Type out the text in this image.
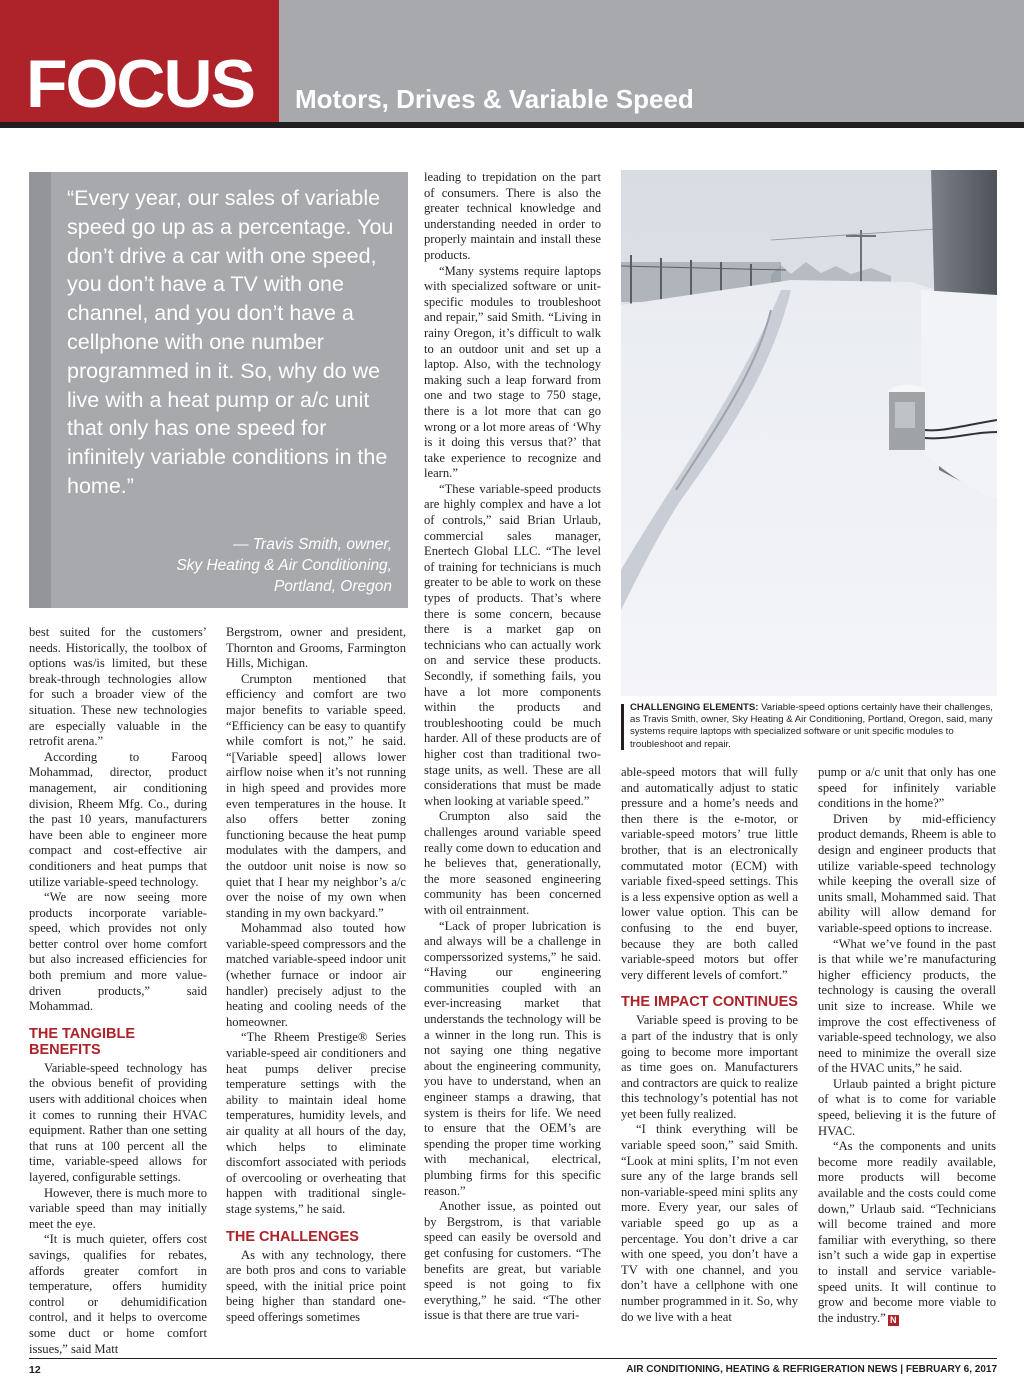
FOCUS Motors, Drives & Variable Speed
“Every year, our sales of variable speed go up as a percentage. You don’t drive a car with one speed, you don’t have a TV with one channel, and you don’t have a cellphone with one number programmed in it. So, why do we live with a heat pump or a/c unit that only has one speed for infinitely variable conditions in the home.”
— Travis Smith, owner,
Sky Heating & Air Conditioning,
Portland, Oregon

best suited for the customers’ needs. Historically, the toolbox of options was/is limited, but these break-through technologies allow for such a broader view of the situation. These new technologies are especially valuable in the retrofit arena.”

According to Farooq Mohammad, director, product management, air conditioning division, Rheem Mfg. Co., during the past 10 years, manufacturers have been able to engineer more compact and cost-effective air conditioners and heat pumps that utilize variable-speed technology.

“We are now seeing more products incorporate variable-speed, which provides not only better control over home comfort but also increased efficiencies for both premium and more value-driven products,” said Mohammad.

THE TANGIBLE BENEFITS

Variable-speed technology has the obvious benefit of providing users with additional choices when it comes to running their HVAC equipment. Rather than one setting that runs at 100 percent all the time, variable-speed allows for layered, configurable settings.

However, there is much more to variable speed than may initially meet the eye.

“It is much quieter, offers cost savings, qualifies for rebates, affords greater comfort in temperature, offers humidity control or dehumidification control, and it helps to overcome some duct or home comfort issues,” said Matt

Bergstrom, owner and president, Thornton and Grooms, Farmington Hills, Michigan.

Crumpton mentioned that efficiency and comfort are two major benefits to variable speed. “Efficiency can be easy to quantify while comfort is not,” he said. “[Variable speed] allows lower airflow noise when it’s not running in high speed and provides more even temperatures in the house. It also offers better zoning functioning because the heat pump modulates with the dampers, and the outdoor unit noise is now so quiet that I hear my neighbor’s a/c over the noise of my own when standing in my own backyard.”

Mohammad also touted how variable-speed compressors and the matched variable-speed indoor unit (whether furnace or indoor air handler) precisely adjust to the heating and cooling needs of the homeowner.

“The Rheem Prestige® Series variable-speed air conditioners and heat pumps deliver precise temperature settings with the ability to maintain ideal home temperatures, humidity levels, and air quality at all hours of the day, which helps to eliminate discomfort associated with periods of overcooling or overheating that happen with traditional single-stage systems,” he said.

THE CHALLENGES

As with any technology, there are both pros and cons to variable speed, with the initial price point being higher than standard one-speed offerings sometimes

leading to trepidation on the part of consumers. There is also the greater technical knowledge and understanding needed in order to properly maintain and install these products.

“Many systems require laptops with specialized software or unit-specific modules to troubleshoot and repair,” said Smith. “Living in rainy Oregon, it’s difficult to walk to an outdoor unit and set up a laptop. Also, with the technology making such a leap forward from one and two stage to 750 stage, there is a lot more that can go wrong or a lot more areas of ‘Why is it doing this versus that?’ that take experience to recognize and learn.”

“These variable-speed products are highly complex and have a lot of controls,” said Brian Urlaub, commercial sales manager, Enertech Global LLC. “The level of training for technicians is much greater to be able to work on these types of products. That’s where there is some concern, because there is a market gap on technicians who can actually work on and service these products. Secondly, if something fails, you have a lot more components within the products and troubleshooting could be much harder. All of these products are of higher cost than traditional two-stage units, as well. These are all considerations that must be made when looking at variable speed.”

Crumpton also said the challenges around variable speed really come down to education and he believes that, generationally, the more seasoned engineering community has been concerned with oil entrainment.

“Lack of proper lubrication is and always will be a challenge in comperssorized systems,” he said. “Having our engineering communities coupled with an ever-increasing market that understands the technology will be a winner in the long run. This is not saying one thing negative about the engineering community, you have to understand, when an engineer stamps a drawing, that system is theirs for life. We need to ensure that the OEM’s are spending the proper time working with mechanical, electrical, plumbing firms for this specific reason.”

Another issue, as pointed out by Bergstrom, is that variable speed can easily be oversold and get confusing for customers. “The benefits are great, but variable speed is not going to fix everything,” he said. “The other issue is that there are true vari-

CHALLENGING ELEMENTS: Variable-speed options certainly have their challenges, as Travis Smith, owner, Sky Heating & Air Conditioning, Portland, Oregon, said, many systems require laptops with specialized software or unit specific modules to troubleshoot and repair.

able-speed motors that will fully and automatically adjust to static pressure and a home’s needs and then there is the e-motor, or variable-speed motors’ true little brother, that is an electronically commutated motor (ECM) with variable fixed-speed settings. This is a less expensive option as well a lower value option. This can be confusing to the end buyer, because they are both called variable-speed motors but offer very different levels of comfort.”

THE IMPACT CONTINUES

Variable speed is proving to be a part of the industry that is only going to become more important as time goes on. Manufacturers and contractors are quick to realize this technology’s potential has not yet been fully realized.

“I think everything will be variable speed soon,” said Smith. “Look at mini splits, I’m not even sure any of the large brands sell non-variable-speed mini splits any more. Every year, our sales of variable speed go up as a percentage. You don’t drive a car with one speed, you don’t have a TV with one channel, and you don’t have a cellphone with one number programmed in it. So, why do we live with a heat

pump or a/c unit that only has one speed for infinitely variable conditions in the home?”

Driven by mid-efficiency product demands, Rheem is able to design and engineer products that utilize variable-speed technology while keeping the overall size of units small, Mohammed said. That ability will allow demand for variable-speed options to increase.

“What we’ve found in the past is that while we’re manufacturing higher efficiency products, the technology is causing the overall unit size to increase. While we improve the cost effectiveness of variable-speed technology, we also need to minimize the overall size of the HVAC units,” he said.

Urlaub painted a bright picture of what is to come for variable speed, believing it is the future of HVAC.

“As the components and units become more readily available, more products will become available and the costs could come down,” Urlaub said. “Technicians will become trained and more familiar with everything, so there isn’t such a wide gap in expertise to install and service variable-speed units. It will continue to grow and become more viable to the industry.” N

12	AIR CONDITIONING, HEATING & REFRIGERATION NEWS | FEBRUARY 6, 2017
